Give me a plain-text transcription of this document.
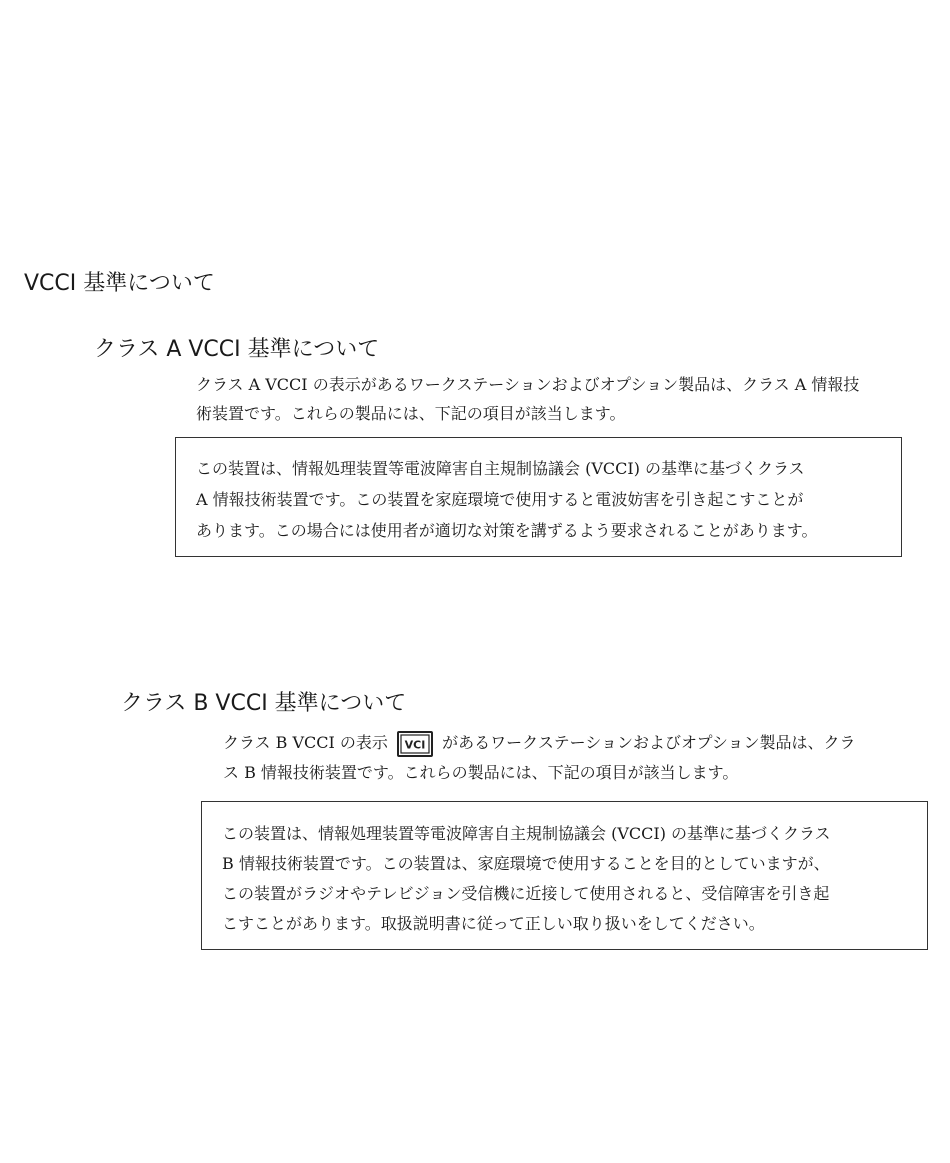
VCCI 基準について
クラス A VCCI 基準について

クラス A VCCI の表示があるワークステーションおよびオプション製品は、クラス A 情報技

術装置です。これらの製品には、下記の項目が該当します。

この装置は、情報処理装置等電波障害自主規制協議会 (VCCI) の基準に基づくクラス

A 情報技術装置です。この装置を家庭環境で使用すると電波妨害を引き起こすことが

あります。この場合には使用者が適切な対策を講ずるよう要求されることがあります。

クラス B VCCI 基準について

クラス B VCCI の表示 VCI があるワークステーションおよびオプション製品は、クラ

ス B 情報技術装置です。これらの製品には、下記の項目が該当します。

この装置は、情報処理装置等電波障害自主規制協議会 (VCCI) の基準に基づくクラス

B 情報技術装置です。この装置は、家庭環境で使用することを目的としていますが、

この装置がラジオやテレビジョン受信機に近接して使用されると、受信障害を引き起

こすことがあります。取扱説明書に従って正しい取り扱いをしてください。
